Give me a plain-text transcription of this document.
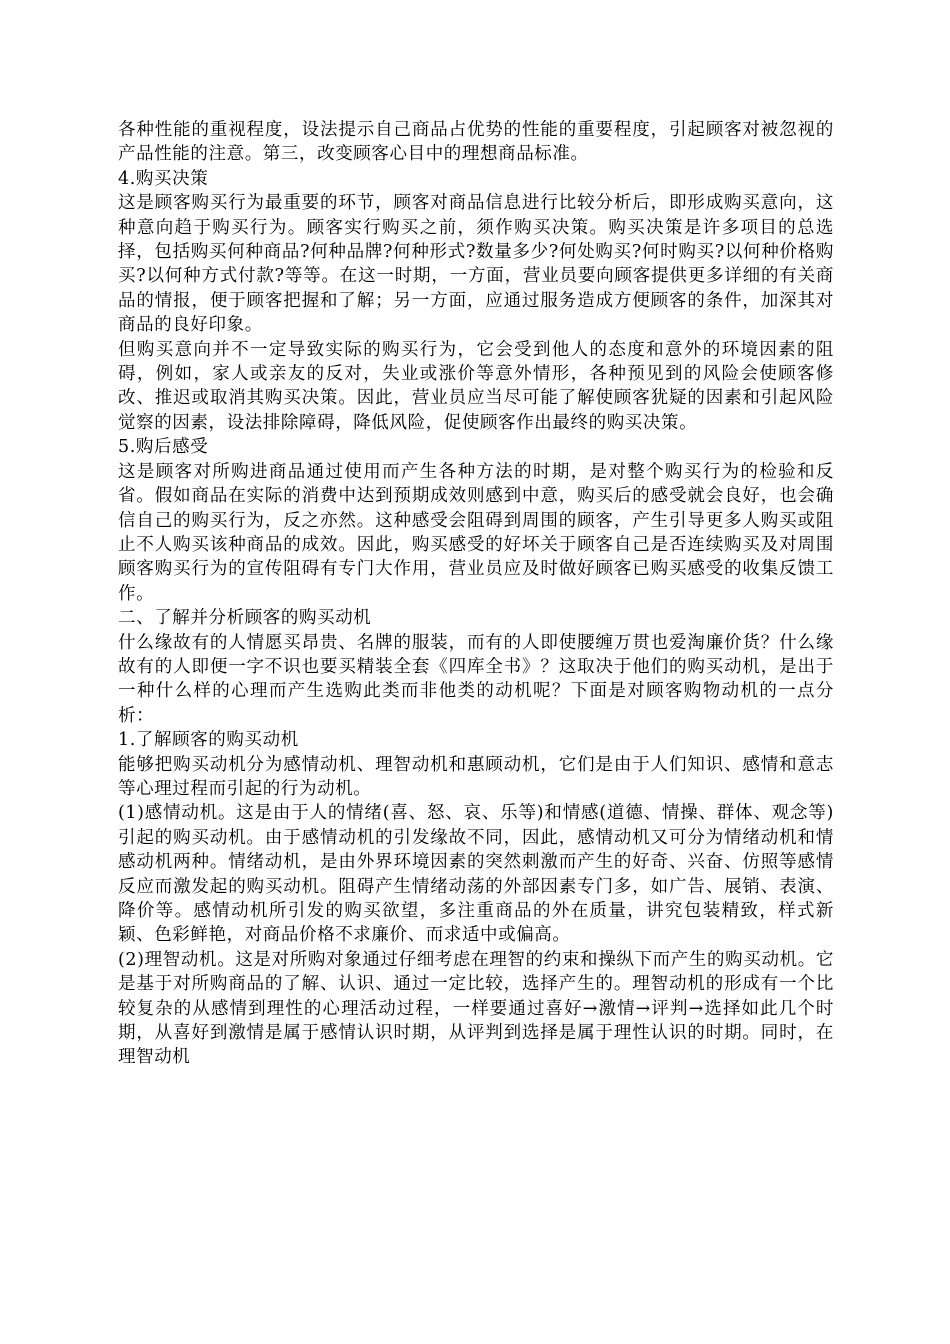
各种性能的重视程度，设法提示自己商品占优势的性能的重要程度，引起顾客对被忽视的产品性能的注意。第三，改变顾客心目中的理想商品标准。

4.购买决策

这是顾客购买行为最重要的环节，顾客对商品信息进行比较分析后，即形成购买意向，这种意向趋于购买行为。顾客实行购买之前，须作购买决策。购买决策是许多项目的总选择，包括购买何种商品?何种品牌?何种形式?数量多少?何处购买?何时购买?以何种价格购买?以何种方式付款?等等。在这一时期，一方面，营业员要向顾客提供更多详细的有关商品的情报，便于顾客把握和了解；另一方面，应通过服务造成方便顾客的条件，加深其对商品的良好印象。

但购买意向并不一定导致实际的购买行为，它会受到他人的态度和意外的环境因素的阻碍，例如，家人或亲友的反对，失业或涨价等意外情形，各种预见到的风险会使顾客修改、推迟或取消其购买决策。因此，营业员应当尽可能了解使顾客犹疑的因素和引起风险觉察的因素，设法排除障碍，降低风险，促使顾客作出最终的购买决策。

5.购后感受

这是顾客对所购进商品通过使用而产生各种方法的时期，是对整个购买行为的检验和反省。假如商品在实际的消费中达到预期成效则感到中意，购买后的感受就会良好，也会确信自己的购买行为，反之亦然。这种感受会阻碍到周围的顾客，产生引导更多人购买或阻止不人购买该种商品的成效。因此，购买感受的好坏关于顾客自己是否连续购买及对周围顾客购买行为的宣传阻碍有专门大作用，营业员应及时做好顾客已购买感受的收集反馈工作。

二、了解并分析顾客的购买动机

什么缘故有的人情愿买昂贵、名牌的服装，而有的人即使腰缠万贯也爱淘廉价货？什么缘故有的人即便一字不识也要买精装全套《四库全书》？这取决于他们的购买动机，是出于一种什么样的心理而产生选购此类而非他类的动机呢？下面是对顾客购物动机的一点分析：

1.了解顾客的购买动机

能够把购买动机分为感情动机、理智动机和惠顾动机，它们是由于人们知识、感情和意志等心理过程而引起的行为动机。

(1)感情动机。这是由于人的情绪(喜、怒、哀、乐等)和情感(道德、情操、群体、观念等)引起的购买动机。由于感情动机的引发缘故不同，因此，感情动机又可分为情绪动机和情感动机两种。情绪动机，是由外界环境因素的突然刺激而产生的好奇、兴奋、仿照等感情反应而激发起的购买动机。阻碍产生情绪动荡的外部因素专门多，如广告、展销、表演、降价等。感情动机所引发的购买欲望，多注重商品的外在质量，讲究包装精致，样式新颖、色彩鲜艳，对商品价格不求廉价、而求适中或偏高。

(2)理智动机。这是对所购对象通过仔细考虑在理智的约束和操纵下而产生的购买动机。它是基于对所购商品的了解、认识、通过一定比较，选择产生的。理智动机的形成有一个比较复杂的从感情到理性的心理活动过程，一样要通过喜好→激情→评判→选择如此几个时期，从喜好到激情是属于感情认识时期，从评判到选择是属于理性认识的时期。同时，在理智动机
